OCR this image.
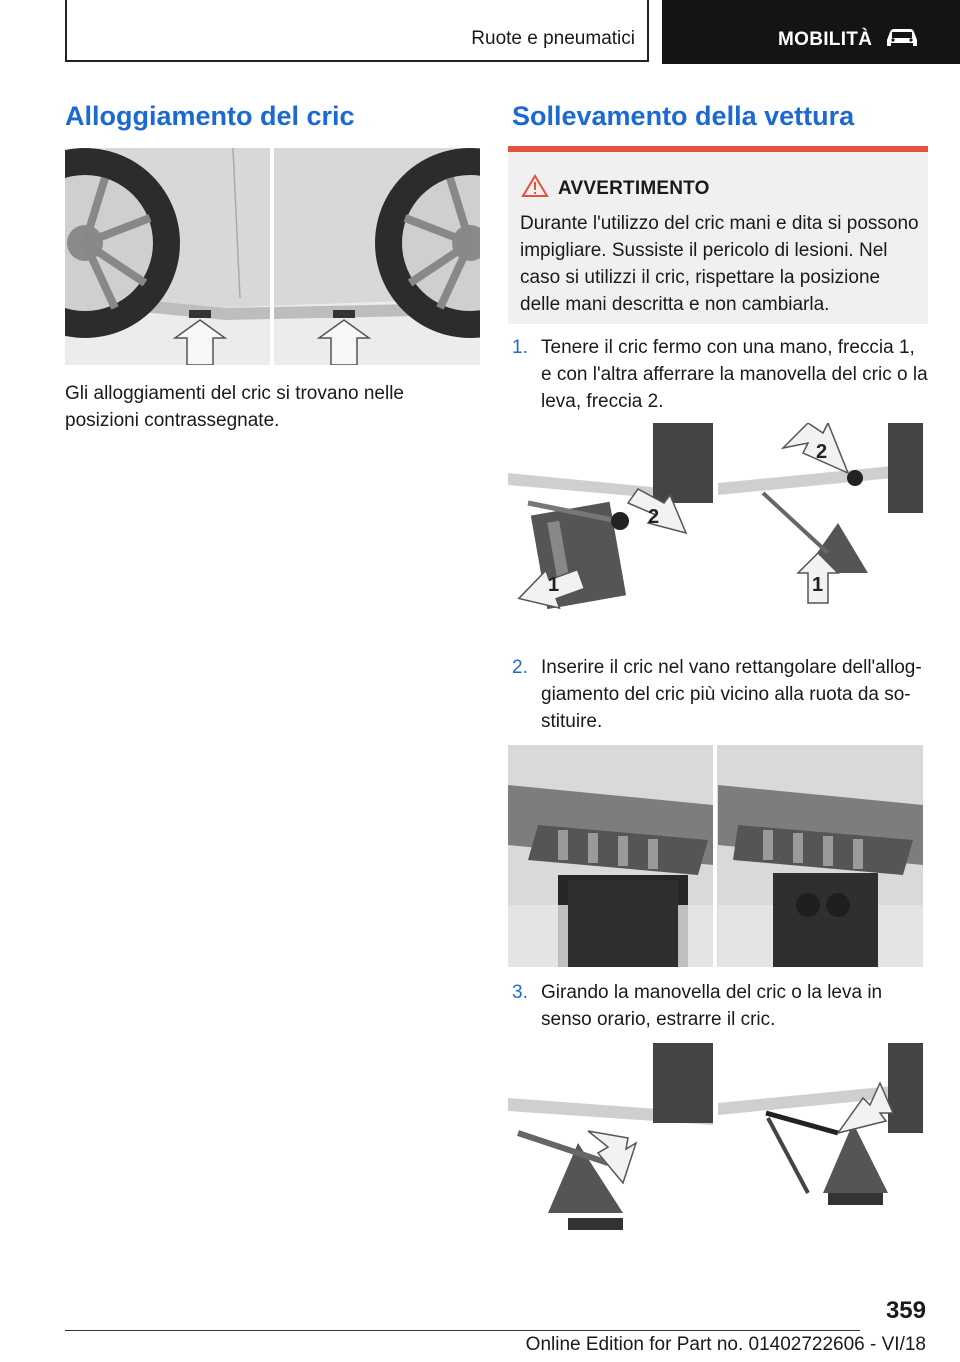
Ruote e pneumatici	MOBILITÀ
Alloggiamento del cric

Gli alloggiamenti del cric si trovano nelle posizioni contrassegnate.

Sollevamento della vettura
AVVERTIMENTO
Durante l'utilizzo del cric mani e dita si possono impigliare. Sussiste il pericolo di lesioni. Nel caso si utilizzi il cric, rispettare la posizione delle mani descritta e non cambiarla.
1. Tenere il cric fermo con una mano, freccia 1, e con l'altra afferrare la manovella del cric o la leva, freccia 2.
1
2
1
2
2. Inserire il cric nel vano rettangolare dell'allog‐giamento del cric più vicino alla ruota da so‐stituire.
3. Girando la manovella del cric o la leva in senso orario, estrarre il cric.
359
Online Edition for Part no. 01402722606 - VI/18
